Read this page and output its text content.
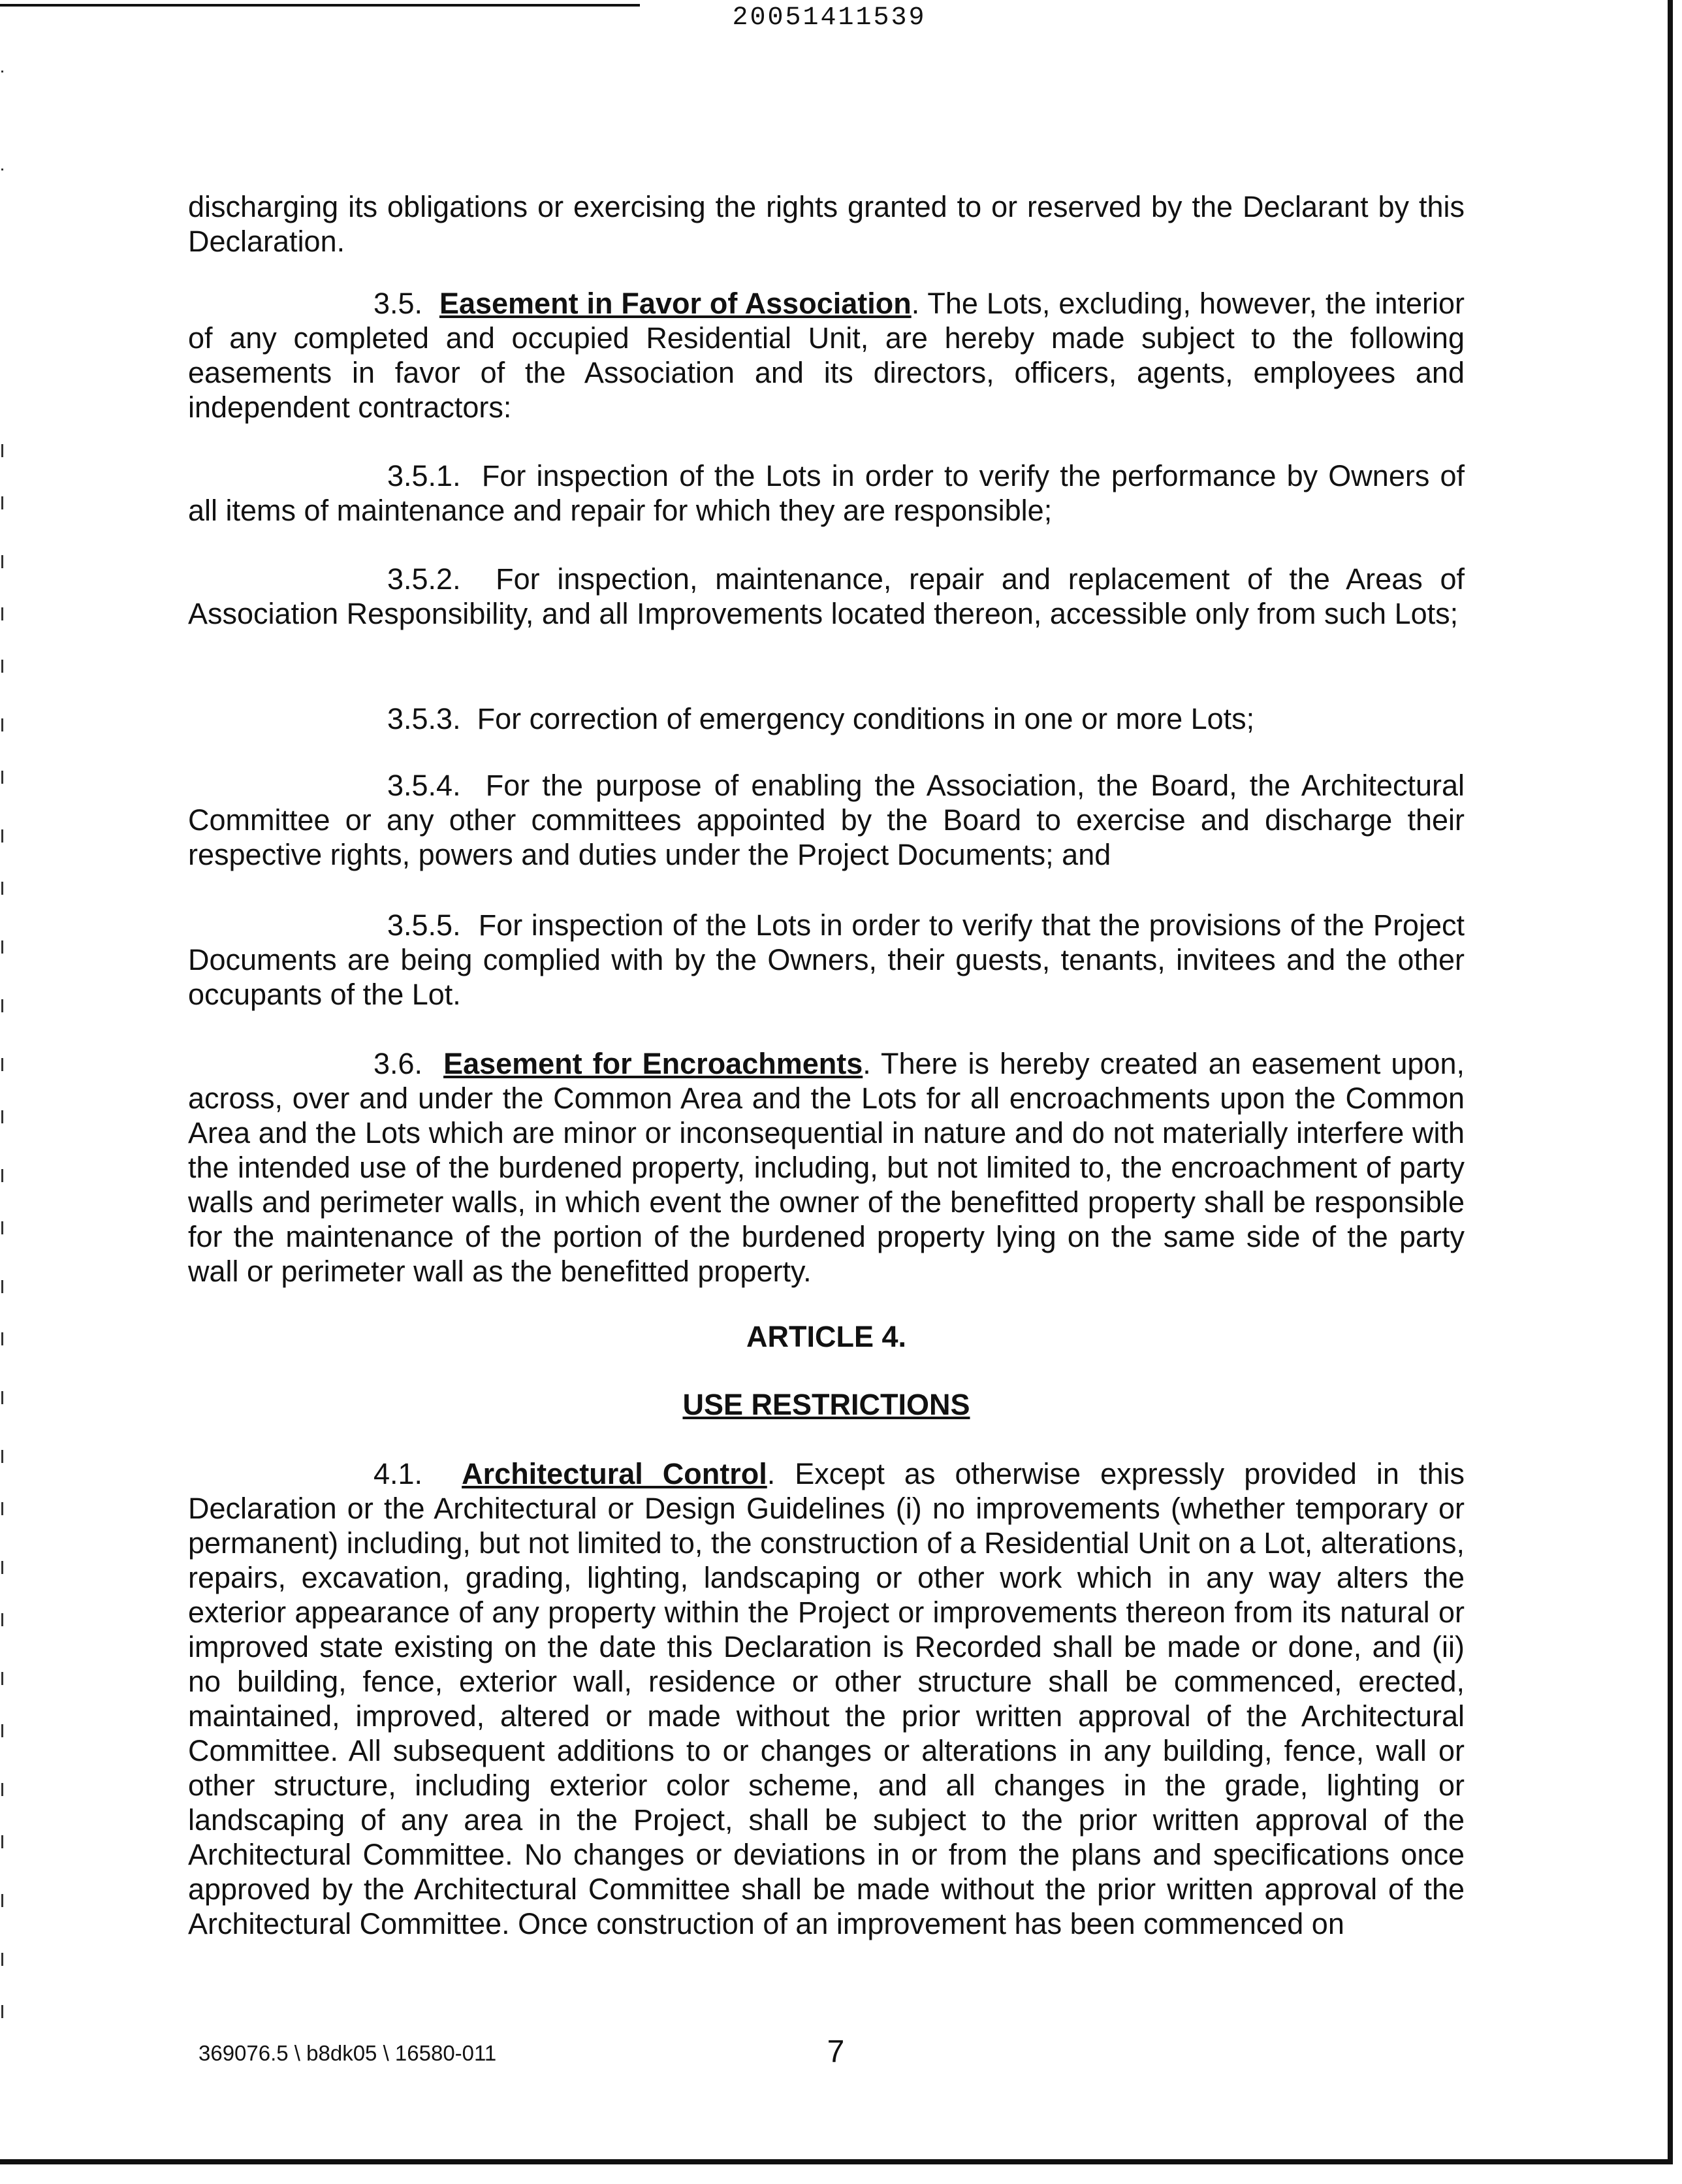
20051411539

discharging its obligations or exercising the rights granted to or reserved by the Declarant by this Declaration.

3.5. Easement in Favor of Association. The Lots, excluding, however, the interior of any completed and occupied Residential Unit, are hereby made subject to the following easements in favor of the Association and its directors, officers, agents, employees and independent contractors:

3.5.1. For inspection of the Lots in order to verify the performance by Owners of all items of maintenance and repair for which they are responsible;

3.5.2. For inspection, maintenance, repair and replacement of the Areas of Association Responsibility, and all Improvements located thereon, accessible only from such Lots;

3.5.3. For correction of emergency conditions in one or more Lots;

3.5.4. For the purpose of enabling the Association, the Board, the Architectural Committee or any other committees appointed by the Board to exercise and discharge their respective rights, powers and duties under the Project Documents; and

3.5.5. For inspection of the Lots in order to verify that the provisions of the Project Documents are being complied with by the Owners, their guests, tenants, invitees and the other occupants of the Lot.

3.6. Easement for Encroachments. There is hereby created an easement upon, across, over and under the Common Area and the Lots for all encroachments upon the Common Area and the Lots which are minor or inconsequential in nature and do not materially interfere with the intended use of the burdened property, including, but not limited to, the encroachment of party walls and perimeter walls, in which event the owner of the benefitted property shall be responsible for the maintenance of the portion of the burdened property lying on the same side of the party wall or perimeter wall as the benefitted property.

ARTICLE 4.
USE RESTRICTIONS

4.1. Architectural Control. Except as otherwise expressly provided in this Declaration or the Architectural or Design Guidelines (i) no improvements (whether temporary or permanent) including, but not limited to, the construction of a Residential Unit on a Lot, alterations, repairs, excavation, grading, lighting, landscaping or other work which in any way alters the exterior appearance of any property within the Project or improvements thereon from its natural or improved state existing on the date this Declaration is Recorded shall be made or done, and (ii) no building, fence, exterior wall, residence or other structure shall be commenced, erected, maintained, improved, altered or made without the prior written approval of the Architectural Committee. All subsequent additions to or changes or alterations in any building, fence, wall or other structure, including exterior color scheme, and all changes in the grade, lighting or landscaping of any area in the Project, shall be subject to the prior written approval of the Architectural Committee. No changes or deviations in or from the plans and specifications once approved by the Architectural Committee shall be made without the prior written approval of the Architectural Committee. Once construction of an improvement has been commenced on

369076.5 \ b8dk05 \ 16580-011	7
